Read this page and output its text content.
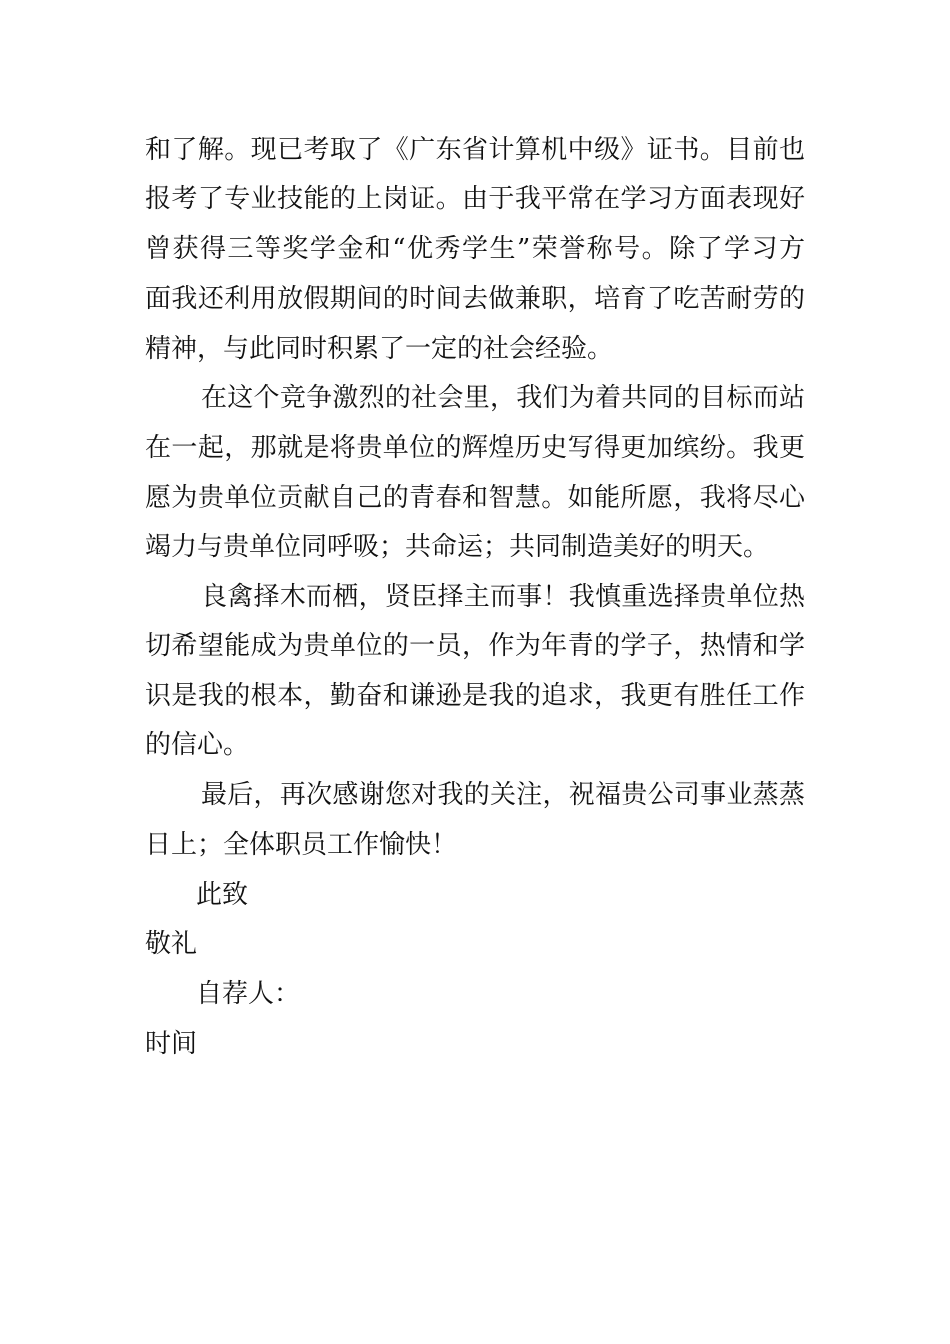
和了解。现已考取了《广东省计算机中级》证书。目前也
报考了专业技能的上岗证。由于我平常在学习方面表现好
曾获得三等奖学金和“优秀学生”荣誉称号。除了学习方
面我还利用放假期间的时间去做兼职，培育了吃苦耐劳的
精神，与此同时积累了一定的社会经验。
在这个竞争激烈的社会里，我们为着共同的目标而站
在一起，那就是将贵单位的辉煌历史写得更加缤纷。我更
愿为贵单位贡献自己的青春和智慧。如能所愿，我将尽心
竭力与贵单位同呼吸；共命运；共同制造美好的明天。
良禽择木而栖，贤臣择主而事！我慎重选择贵单位热
切希望能成为贵单位的一员，作为年青的学子，热情和学
识是我的根本，勤奋和谦逊是我的追求，我更有胜任工作
的信心。
最后，再次感谢您对我的关注，祝福贵公司事业蒸蒸
日上；全体职员工作愉快！
此致
敬礼
自荐人：
时间
